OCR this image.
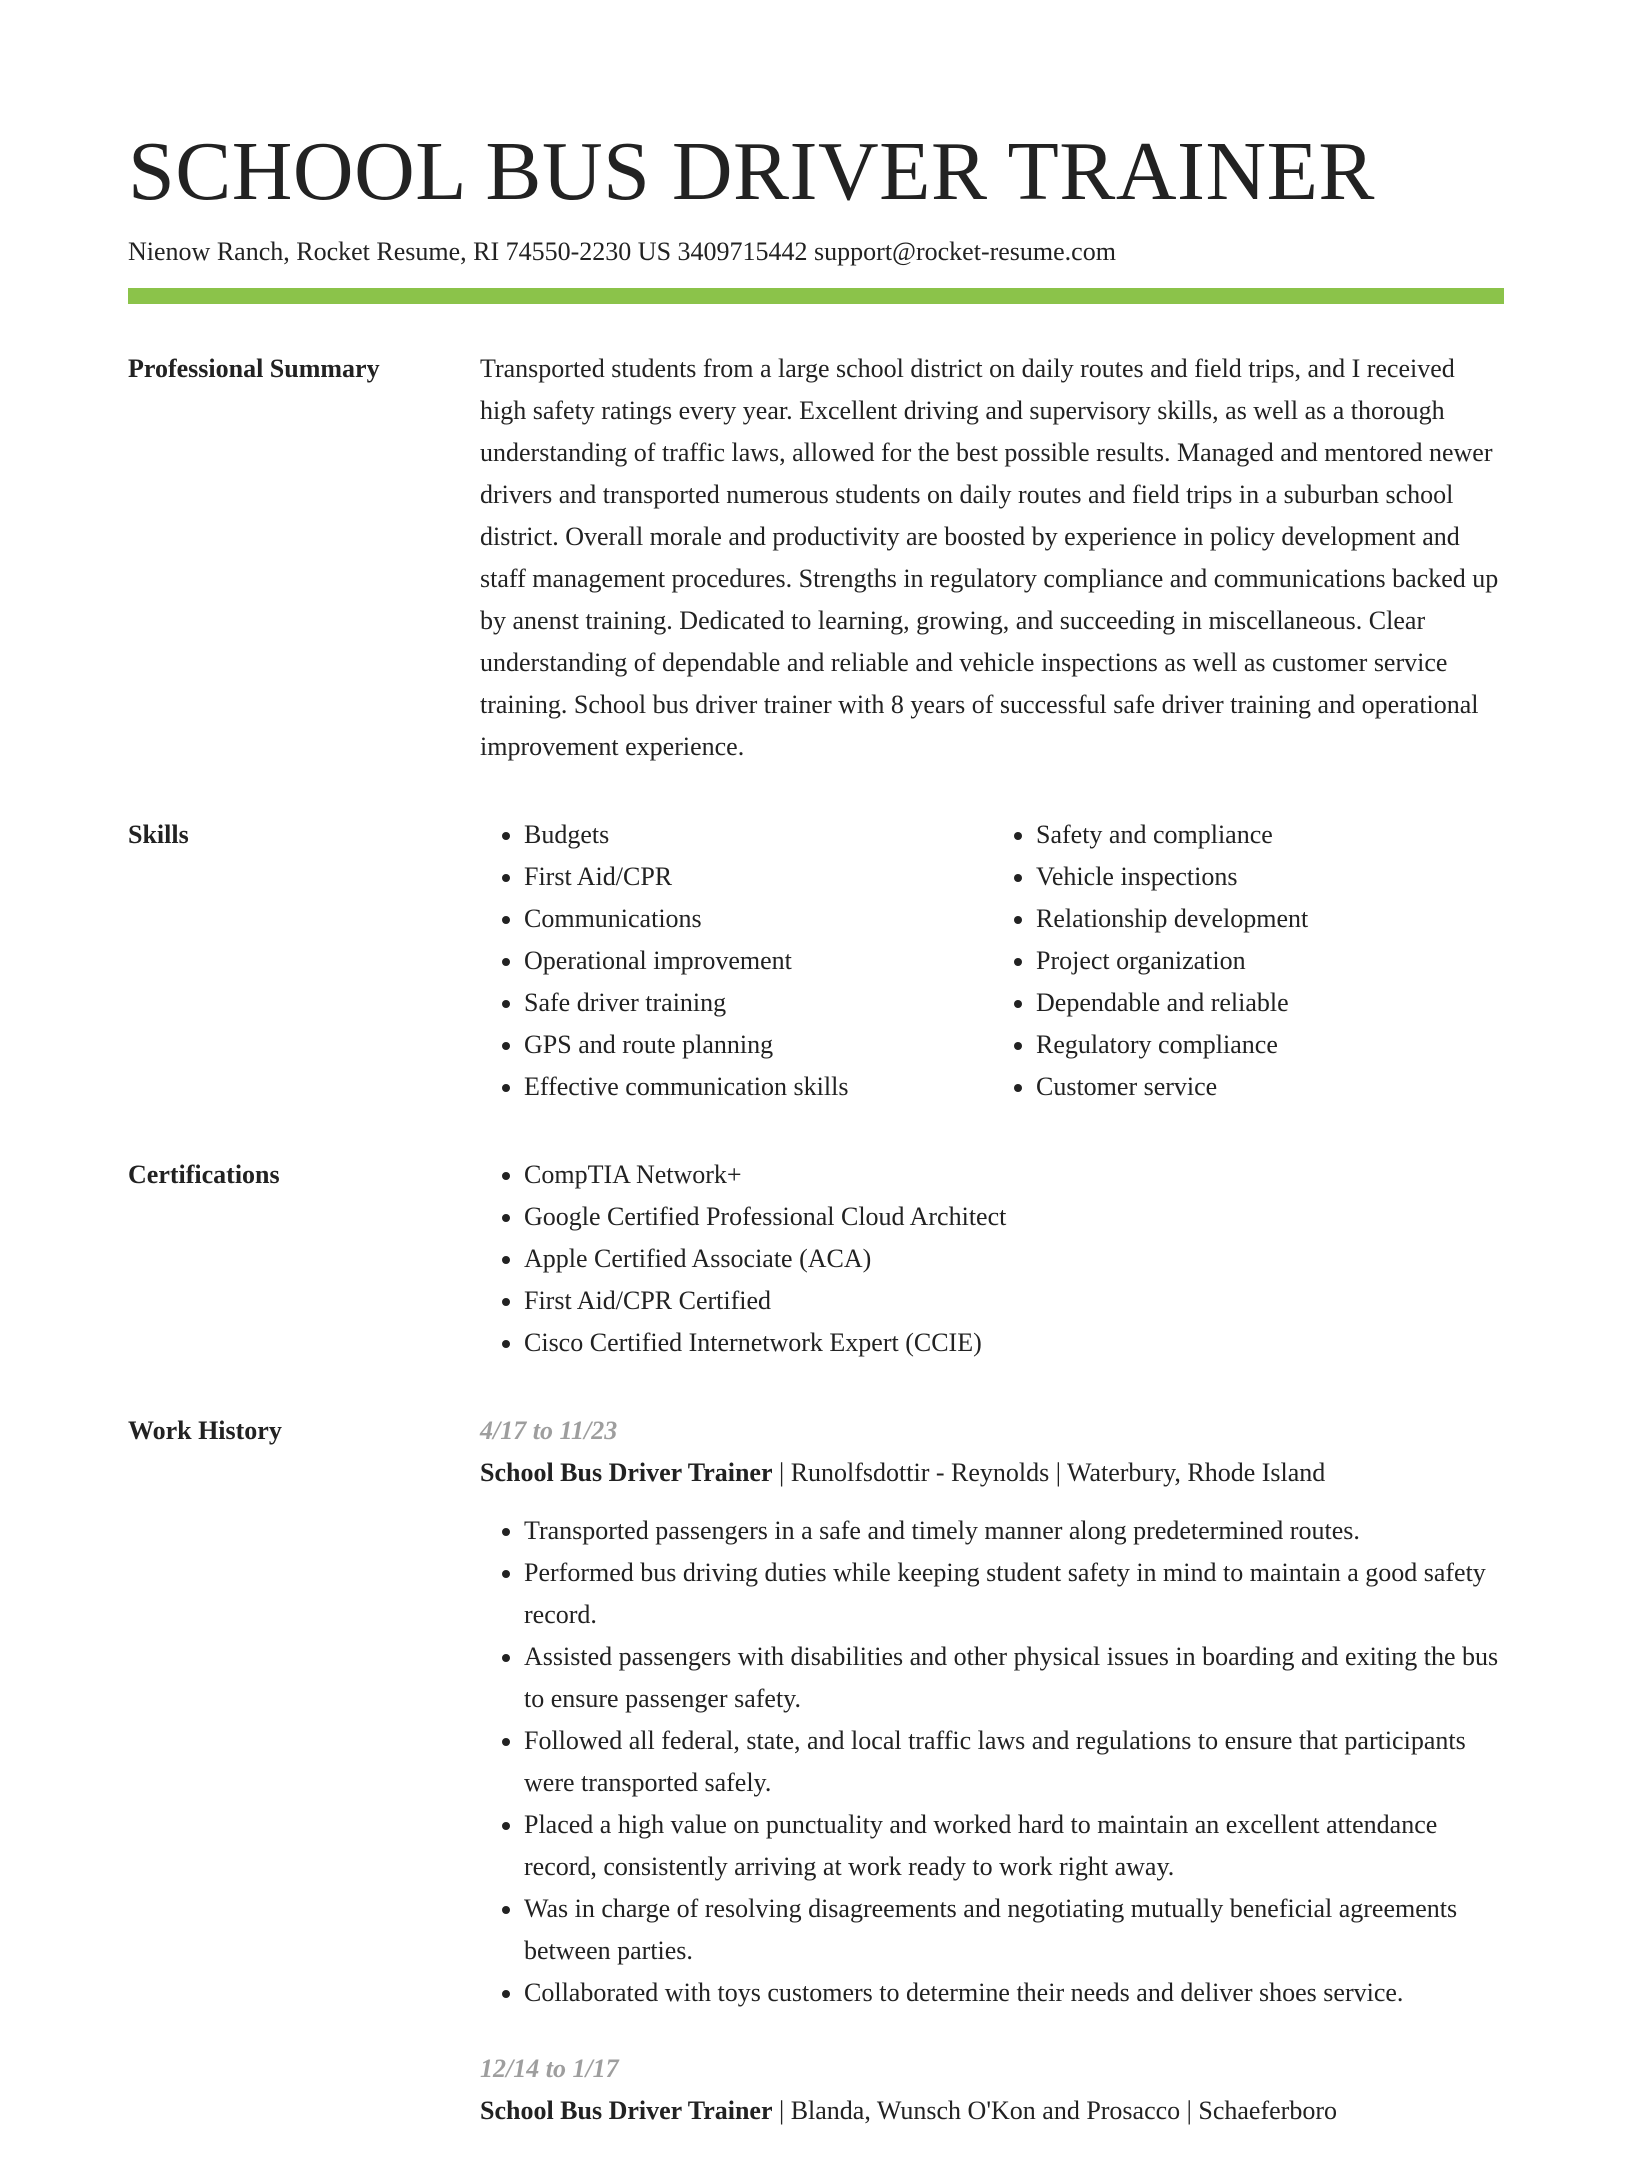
SCHOOL BUS DRIVER TRAINER
Nienow Ranch, Rocket Resume, RI 74550-2230 US 3409715442 support@rocket-resume.com
Professional Summary	Transported students from a large school district on daily routes and field trips, and I received high safety ratings every year. Excellent driving and supervisory skills, as well as a thorough understanding of traffic laws, allowed for the best possible results. Managed and mentored newer drivers and transported numerous students on daily routes and field trips in a suburban school district. Overall morale and productivity are boosted by experience in policy development and staff management procedures. Strengths in regulatory compliance and communications backed up by anenst training. Dedicated to learning, growing, and succeeding in miscellaneous. Clear understanding of dependable and reliable and vehicle inspections as well as customer service training. School bus driver trainer with 8 years of successful safe driver training and operational improvement experience.

Skills	• Budgets
• First Aid/CPR
• Communications
• Operational improvement
• Safe driver training
• GPS and route planning
• Effective communication skills
• Safety and compliance
• Vehicle inspections
• Relationship development
• Project organization
• Dependable and reliable
• Regulatory compliance
• Customer service
Certifications	• CompTIA Network+
• Google Certified Professional Cloud Architect
• Apple Certified Associate (ACA)
• First Aid/CPR Certified
• Cisco Certified Internetwork Expert (CCIE)
Work History	4/17 to 11/23
School Bus Driver Trainer | Runolfsdottir - Reynolds | Waterbury, Rhode Island
• Transported passengers in a safe and timely manner along predetermined routes.
• Performed bus driving duties while keeping student safety in mind to maintain a good safety record.
• Assisted passengers with disabilities and other physical issues in boarding and exiting the bus to ensure passenger safety.
• Followed all federal, state, and local traffic laws and regulations to ensure that participants were transported safely.
• Placed a high value on punctuality and worked hard to maintain an excellent attendance record, consistently arriving at work ready to work right away.
• Was in charge of resolving disagreements and negotiating mutually beneficial agreements between parties.
• Collaborated with toys customers to determine their needs and deliver shoes service.
12/14 to 1/17
School Bus Driver Trainer | Blanda, Wunsch O'Kon and Prosacco | Schaeferboro
